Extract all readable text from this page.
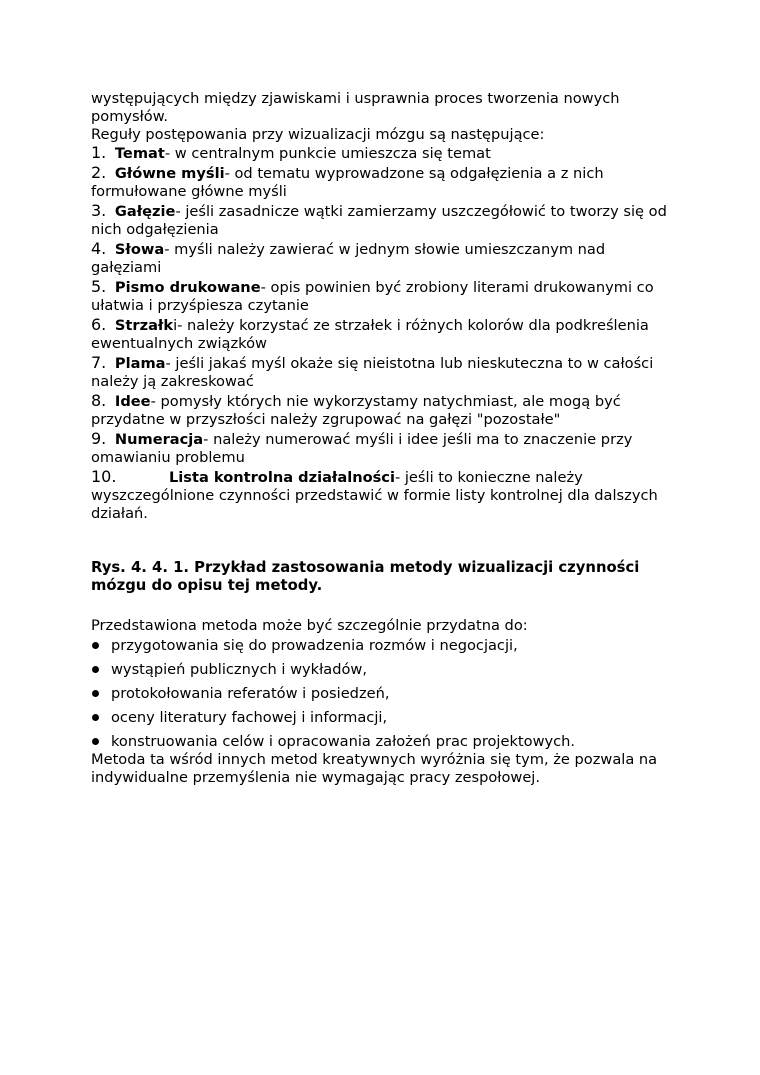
występujących między zjawiskami i usprawnia proces tworzenia nowych pomysłów.

Reguły postępowania przy wizualizacji mózgu są następujące:

1. Temat- w centralnym punkcie umieszcza się temat
2. Główne myśli- od tematu wyprowadzone są odgałęzienia a z nich formułowane główne myśli
3. Gałęzie- jeśli zasadnicze wątki zamierzamy uszczegółowić to tworzy się od nich odgałęzienia
4. Słowa- myśli należy zawierać w jednym słowie umieszczanym nad gałęziami
5. Pismo drukowane- opis powinien być zrobiony literami drukowanymi co ułatwia i przyśpiesza czytanie
6. Strzałki- należy korzystać ze strzałek i różnych kolorów dla podkreślenia ewentualnych związków
7. Plama- jeśli jakaś myśl okaże się nieistotna lub nieskuteczna to w całości należy ją zakreskować
8. Idee- pomysły których nie wykorzystamy natychmiast, ale mogą być przydatne w przyszłości należy zgrupować na gałęzi "pozostałe"
9. Numeracja- należy numerować myśli i idee jeśli ma to znaczenie przy omawianiu problemu
10.	Lista kontrolna działalności- jeśli to konieczne należy wyszczególnione czynności przedstawić w formie listy kontrolnej dla dalszych działań.

Rys. 4. 4. 1. Przykład zastosowania metody wizualizacji czynności mózgu do opisu tej metody.

Przedstawiona metoda może być szczególnie przydatna do:

przygotowania się do prowadzenia rozmów i negocjacji,
wystąpień publicznych i wykładów,
protokołowania referatów i posiedzeń,
oceny literatury fachowej i informacji,
konstruowania celów i opracowania założeń prac projektowych.

Metoda ta wśród innych metod kreatywnych wyróżnia się tym, że pozwala na indywidualne przemyślenia nie wymagając pracy zespołowej.
